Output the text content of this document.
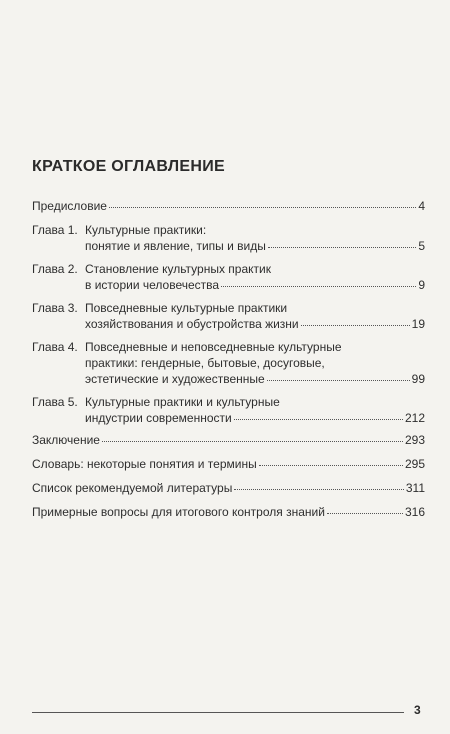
КРАТКОЕ ОГЛАВЛЕНИЕ
Предисловие	4
Глава 1. Культурные практики:
понятие и явление, типы и виды	5
Глава 2. Становление культурных практик
в истории человечества	9
Глава 3. Повседневные культурные практики
хозяйствования и обустройства жизни	19
Глава 4. Повседневные и неповседневные культурные
практики: гендерные, бытовые, досуговые,
эстетические и художественные	99
Глава 5. Культурные практики и культурные
индустрии современности	212
Заключение	293
Словарь: некоторые понятия и термины	295
Список рекомендуемой литературы	311
Примерные вопросы для итогового контроля знаний	316
3
